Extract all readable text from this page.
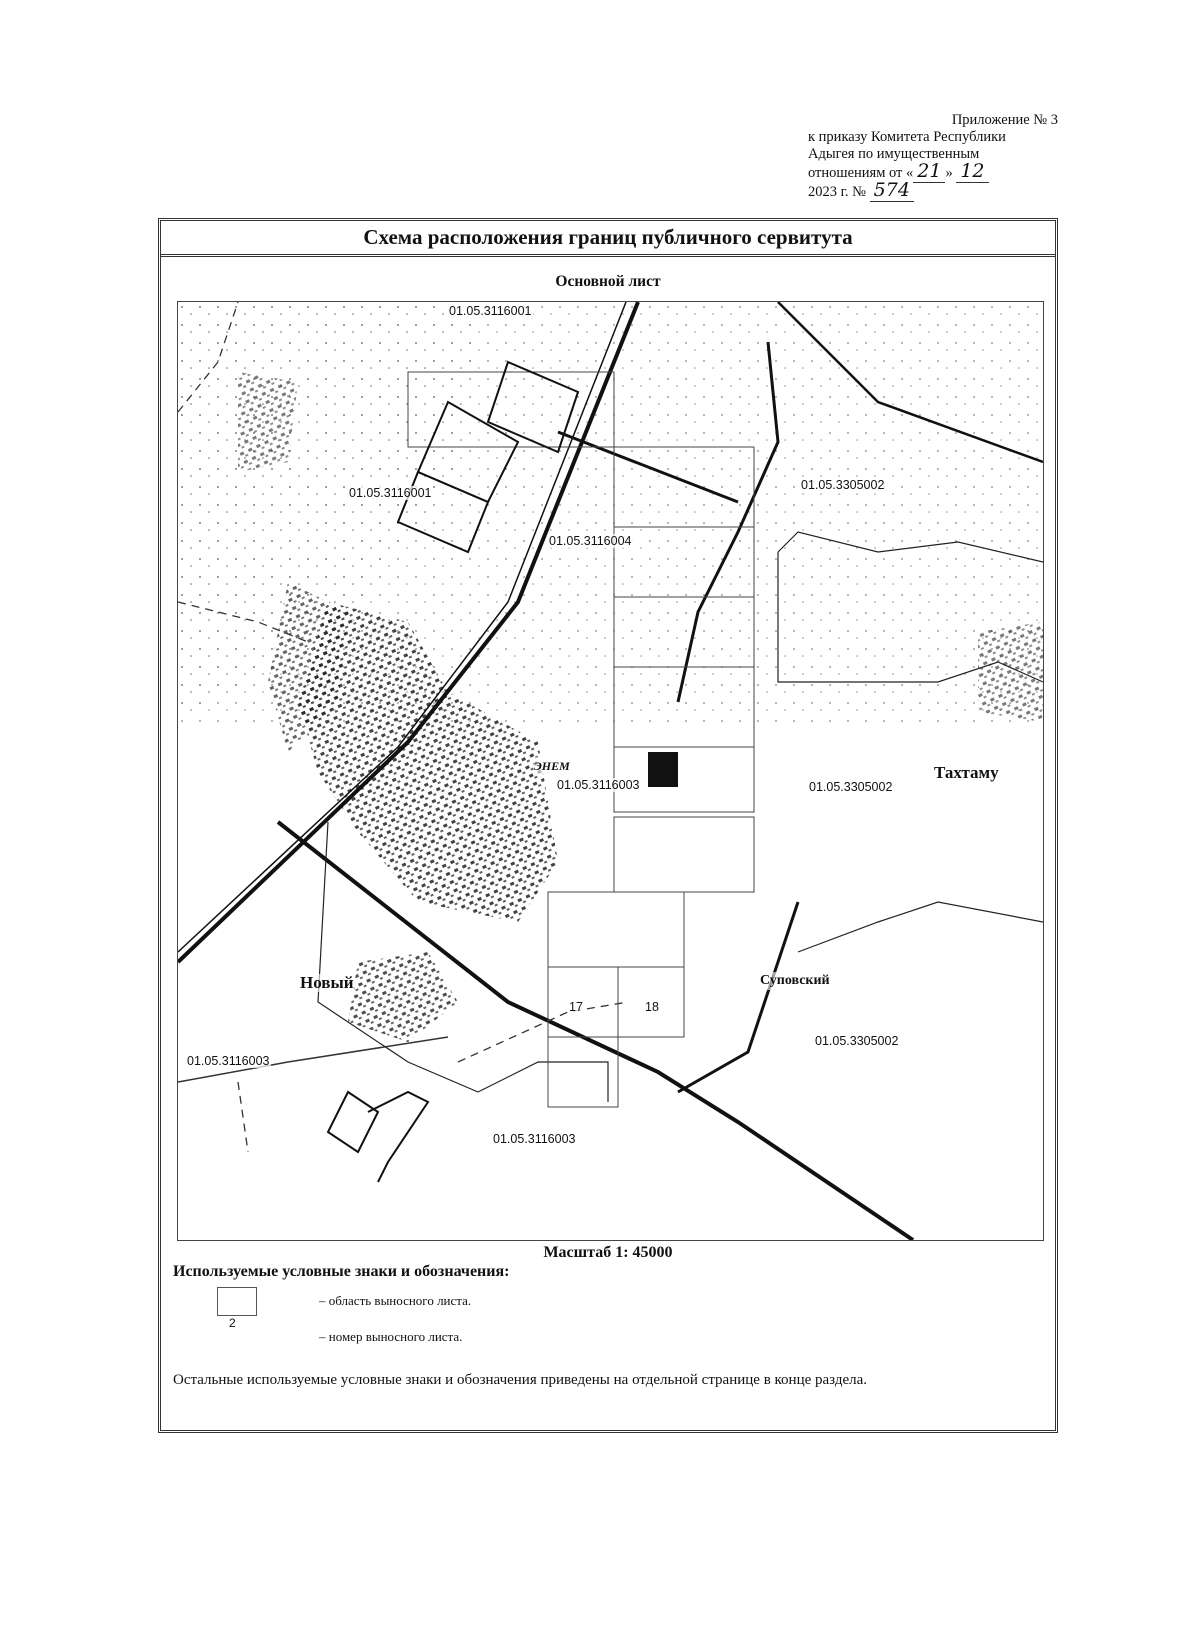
Приложение № 3
к приказу Комитета Республики
Адыгея по имущественным
отношениям от « 21 » 12
2023 г. № 574
Схема расположения границ публичного сервитута
Основной лист
01.05.3116001
01.05.3116001
01.05.3116004
01.05.3116003
01.05.3116003
01.05.3116003
01.05.3305002
01.05.3305002
01.05.3305002
Тахтаму
Новый	Суповский
ЭНЕМ
17	18
Масштаб 1: 45000
Используемые условные знаки и обозначения:
2
– область выносного листа.
– номер выносного листа.
Остальные используемые условные знаки и обозначения приведены на отдельной странице в конце раздела.
